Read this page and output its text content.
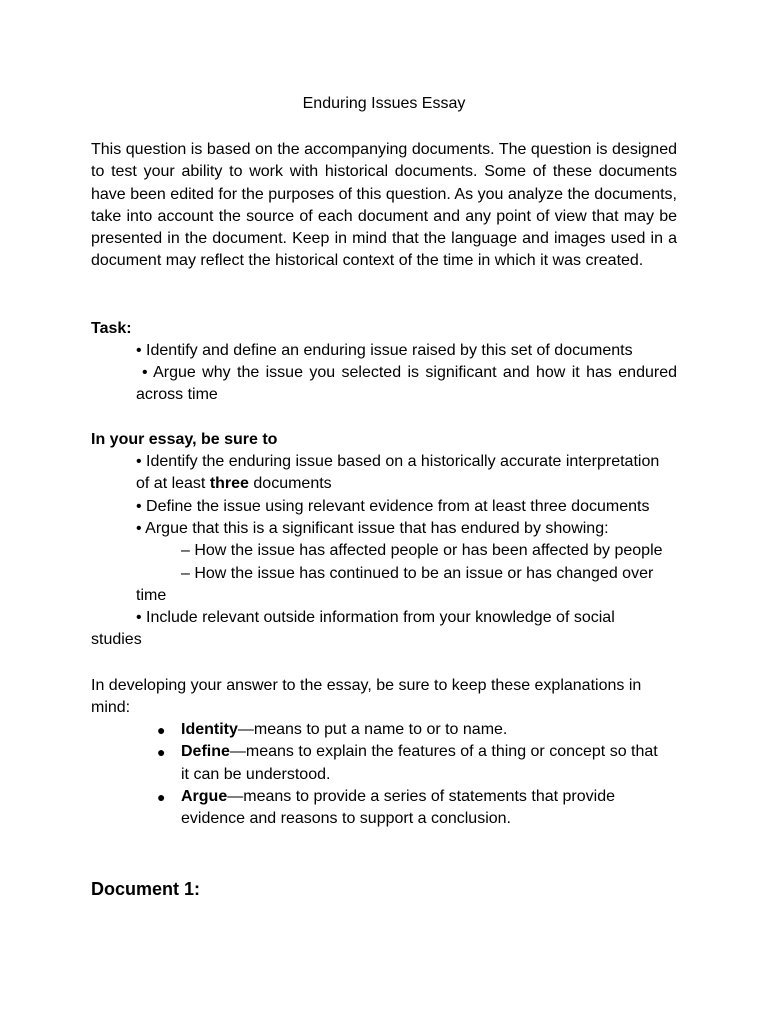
Enduring Issues Essay
This question is based on the accompanying documents. The question is designed to test your ability to work with historical documents. Some of these documents have been edited for the purposes of this question. As you analyze the documents, take into account the source of each document and any point of view that may be presented in the document. Keep in mind that the language and images used in a document may reflect the historical context of the time in which it was created.
Task:
• Identify and define an enduring issue raised by this set of documents
• Argue why the issue you selected is significant and how it has endured
across time
In your essay, be sure to
• Identify the enduring issue based on a historically accurate interpretation
of at least three documents
• Define the issue using relevant evidence from at least three documents
• Argue that this is a significant issue that has endured by showing:
– How the issue has affected people or has been affected by people
– How the issue has continued to be an issue or has changed over
time
• Include relevant outside information from your knowledge of social
studies
In developing your answer to the essay, be sure to keep these explanations in
mind:
● Identity—means to put a name to or to name.
● Define—means to explain the features of a thing or concept so that
it can be understood.
● Argue—means to provide a series of statements that provide
evidence and reasons to support a conclusion.
Document 1:
